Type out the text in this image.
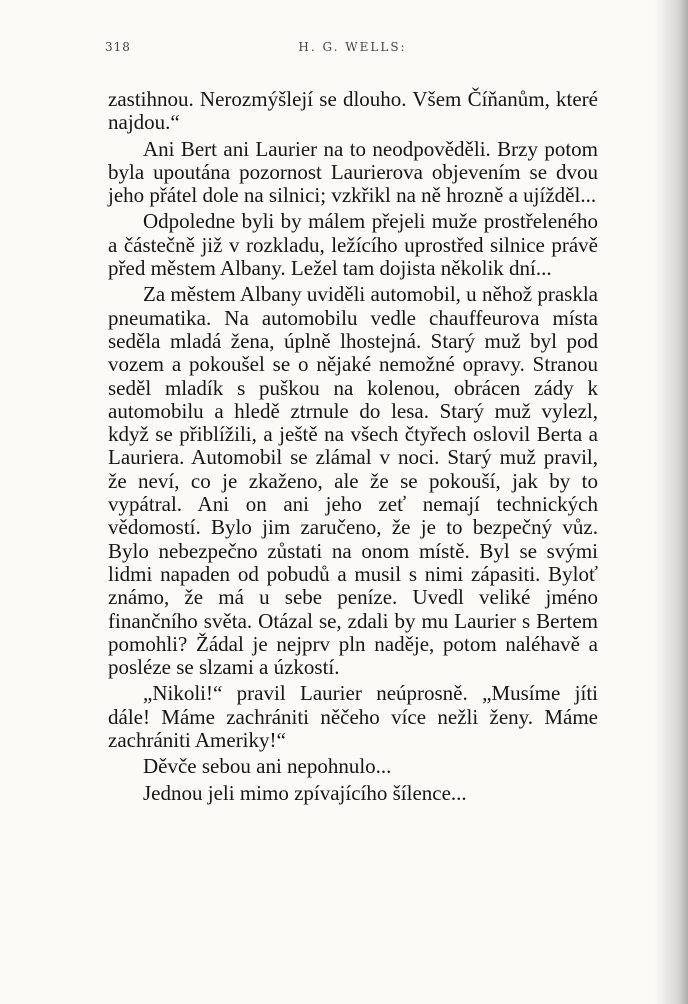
318	H. G. WELLS:

zastihnou. Nerozmýšlejí se dlouho. Všem Číňanům, které najdou.“

Ani Bert ani Laurier na to neodpověděli. Brzy potom byla upoutána pozornost Laurierova objevením se dvou jeho přátel dole na silnici; vzkřikl na ně hrozně a ujížděl...

Odpoledne byli by málem přejeli muže prostřeleného a částečně již v rozkladu, ležícího uprostřed silnice právě před městem Albany. Ležel tam dojista několik dní...

Za městem Albany uviděli automobil, u něhož praskla pneumatika. Na automobilu vedle chauffeurova místa seděla mladá žena, úplně lhostejná. Starý muž byl pod vozem a pokoušel se o nějaké nemožné opravy. Stranou seděl mladík s puškou na kolenou, obrácen zády k automobilu a hledě ztrnule do lesa. Starý muž vylezl, když se přiblížili, a ještě na všech čtyřech oslovil Berta a Lauriera. Automobil se zlámal v noci. Starý muž pravil, že neví, co je zkaženo, ale že se pokouší, jak by to vypátral. Ani on ani jeho zeť nemají technických vědomostí. Bylo jim zaručeno, že je to bezpečný vůz. Bylo nebezpečno zůstati na onom místě. Byl se svými lidmi napaden od pobudů a musil s nimi zápasiti. Byloť známo, že má u sebe peníze. Uvedl veliké jméno finančního světa. Otázal se, zdali by mu Laurier s Bertem pomohli? Žádal je nejprv pln naděje, potom naléhavě a posléze se slzami a úzkostí.

„Nikoli!“ pravil Laurier neúprosně. „Musíme jíti dále! Máme zachrániti něčeho více nežli ženy. Máme zachrániti Ameriky!“

Děvče sebou ani nepohnulo...

Jednou jeli mimo zpívajícího šílence...
